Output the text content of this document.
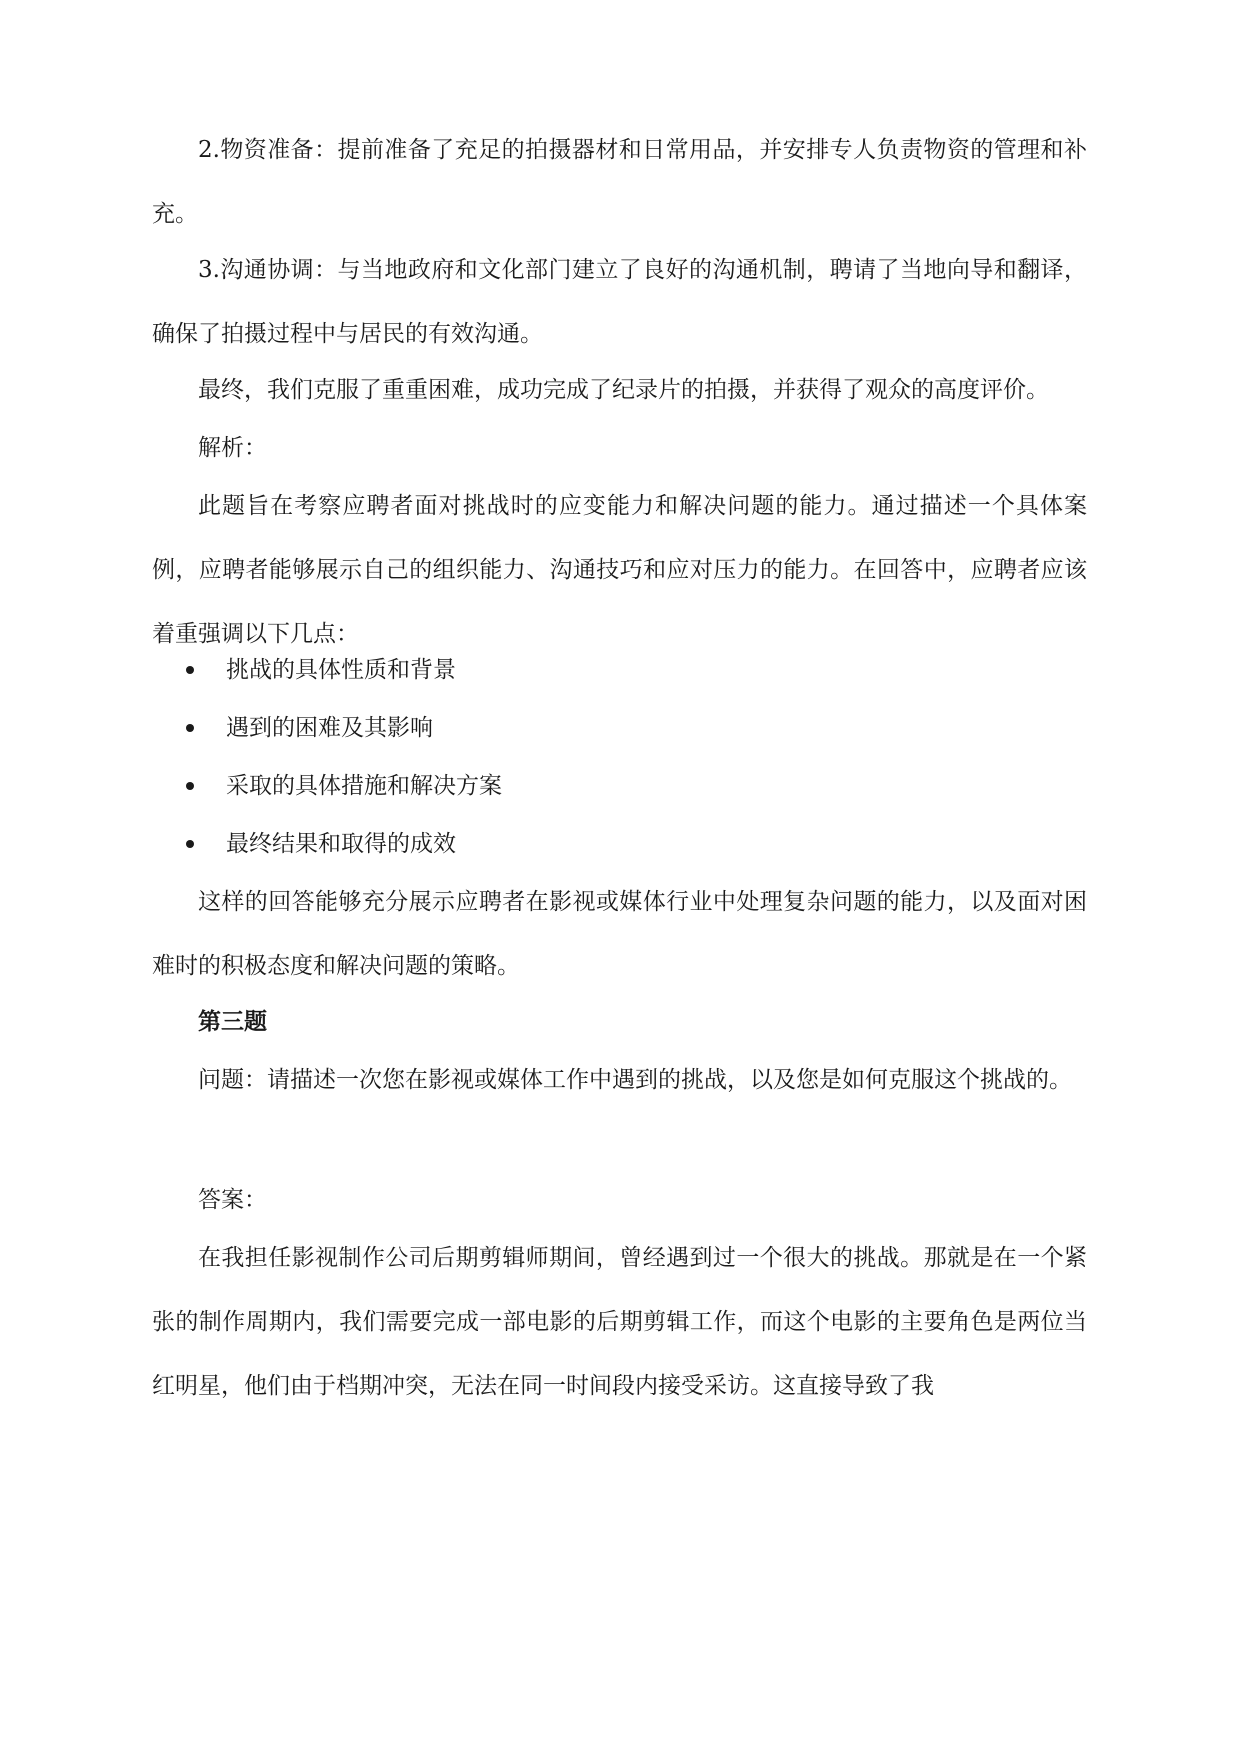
2.物资准备：提前准备了充足的拍摄器材和日常用品，并安排专人负责物资的管理和补充。

3.沟通协调：与当地政府和文化部门建立了良好的沟通机制，聘请了当地向导和翻译，确保了拍摄过程中与居民的有效沟通。

最终，我们克服了重重困难，成功完成了纪录片的拍摄，并获得了观众的高度评价。

解析：

此题旨在考察应聘者面对挑战时的应变能力和解决问题的能力。通过描述一个具体案例，应聘者能够展示自己的组织能力、沟通技巧和应对压力的能力。在回答中，应聘者应该着重强调以下几点：

挑战的具体性质和背景
遇到的困难及其影响
采取的具体措施和解决方案
最终结果和取得的成效

这样的回答能够充分展示应聘者在影视或媒体行业中处理复杂问题的能力，以及面对困难时的积极态度和解决问题的策略。

第三题

问题：请描述一次您在影视或媒体工作中遇到的挑战，以及您是如何克服这个挑战的。

答案：

在我担任影视制作公司后期剪辑师期间，曾经遇到过一个很大的挑战。那就是在一个紧张的制作周期内，我们需要完成一部电影的后期剪辑工作，而这个电影的主要角色是两位当红明星，他们由于档期冲突，无法在同一时间段内接受采访。这直接导致了我
